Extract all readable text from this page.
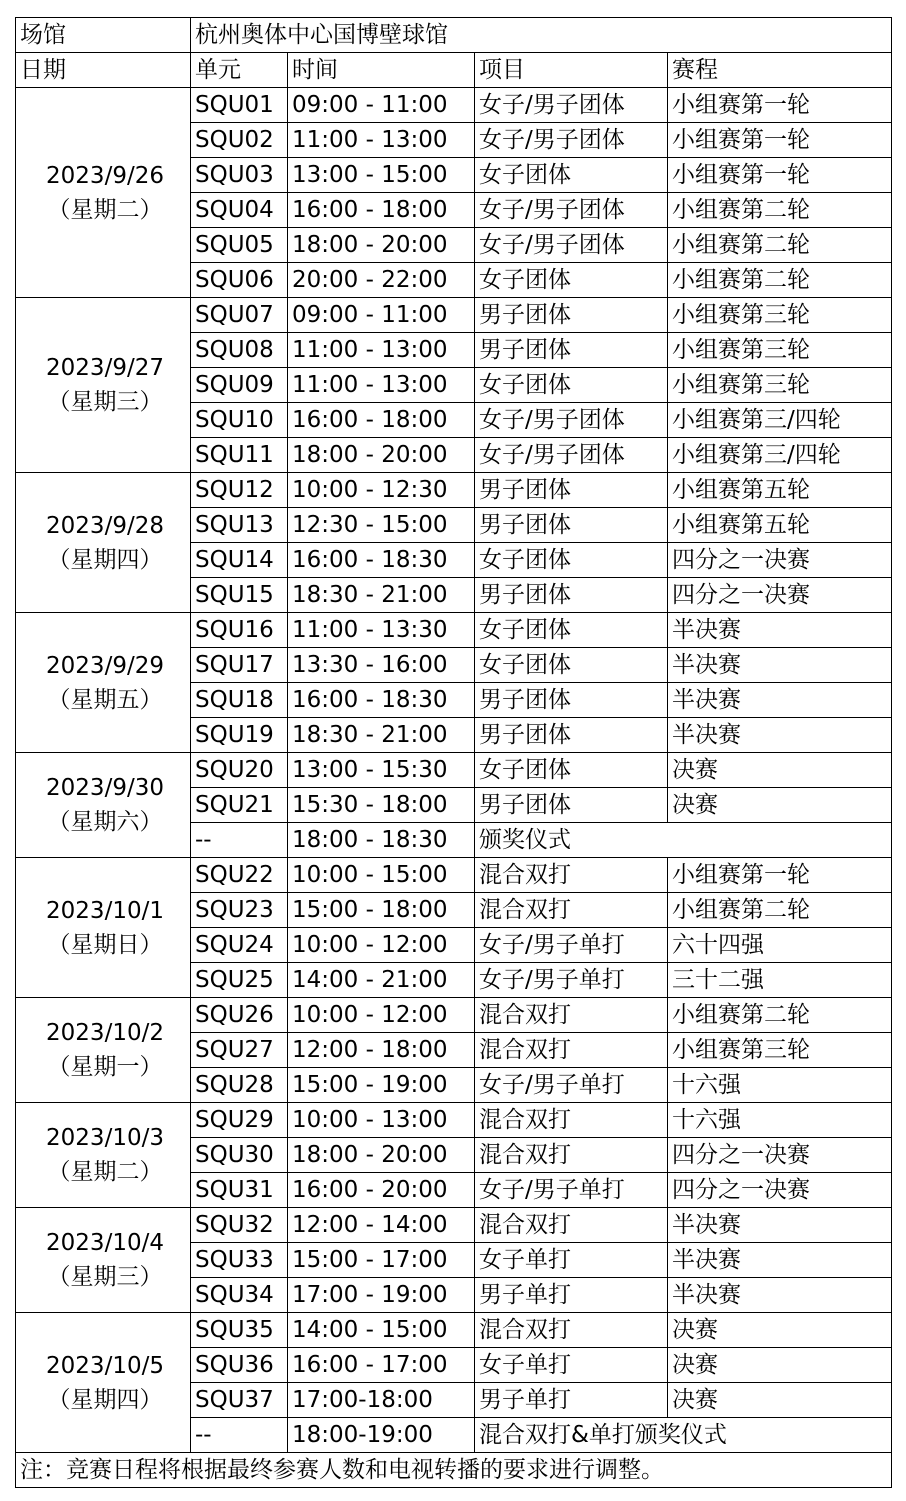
场馆	杭州奥体中心国博壁球馆			
日期	单元	时间	项目	赛程

2023/9/26
（星期二）	SQU01	09:00 - 11:00	女子/男子团体	小组赛第一轮
	SQU02	11:00 - 13:00	女子/男子团体	小组赛第一轮
	SQU03	13:00 - 15:00	女子团体	小组赛第一轮
	SQU04	16:00 - 18:00	女子/男子团体	小组赛第二轮
	SQU05	18:00 - 20:00	女子/男子团体	小组赛第二轮
	SQU06	20:00 - 22:00	女子团体	小组赛第二轮

2023/9/27
（星期三）	SQU07	09:00 - 11:00	男子团体	小组赛第三轮
	SQU08	11:00 - 13:00	男子团体	小组赛第三轮
	SQU09	11:00 - 13:00	女子团体	小组赛第三轮
	SQU10	16:00 - 18:00	女子/男子团体	小组赛第三/四轮
	SQU11	18:00 - 20:00	女子/男子团体	小组赛第三/四轮

2023/9/28
（星期四）	SQU12	10:00 - 12:30	男子团体	小组赛第五轮
	SQU13	12:30 - 15:00	男子团体	小组赛第五轮
	SQU14	16:00 - 18:30	女子团体	四分之一决赛
	SQU15	18:30 - 21:00	男子团体	四分之一决赛

2023/9/29
（星期五）	SQU16	11:00 - 13:30	女子团体	半决赛
	SQU17	13:30 - 16:00	女子团体	半决赛
	SQU18	16:00 - 18:30	男子团体	半决赛
	SQU19	18:30 - 21:00	男子团体	半决赛

2023/9/30
（星期六）	SQU20	13:00 - 15:30	女子团体	决赛
	SQU21	15:30 - 18:00	男子团体	决赛
	--	18:00 - 18:30	颁奖仪式	

2023/10/1
（星期日）	SQU22	10:00 - 15:00	混合双打	小组赛第一轮
	SQU23	15:00 - 18:00	混合双打	小组赛第二轮
	SQU24	10:00 - 12:00	女子/男子单打	六十四强
	SQU25	14:00 - 21:00	女子/男子单打	三十二强

2023/10/2
（星期一）	SQU26	10:00 - 12:00	混合双打	小组赛第二轮
	SQU27	12:00 - 18:00	混合双打	小组赛第三轮
	SQU28	15:00 - 19:00	女子/男子单打	十六强

2023/10/3
（星期二）	SQU29	10:00 - 13:00	混合双打	十六强
	SQU30	18:00 - 20:00	混合双打	四分之一决赛
	SQU31	16:00 - 20:00	女子/男子单打	四分之一决赛

2023/10/4
（星期三）	SQU32	12:00 - 14:00	混合双打	半决赛
	SQU33	15:00 - 17:00	女子单打	半决赛
	SQU34	17:00 - 19:00	男子单打	半决赛

2023/10/5
（星期四）	SQU35	14:00 - 15:00	混合双打	决赛
	SQU36	16:00 - 17:00	女子单打	决赛
	SQU37	17:00-18:00	男子单打	决赛
	--	18:00-19:00	混合双打&单打颁奖仪式	
注：竞赛日程将根据最终参赛人数和电视转播的要求进行调整。				
